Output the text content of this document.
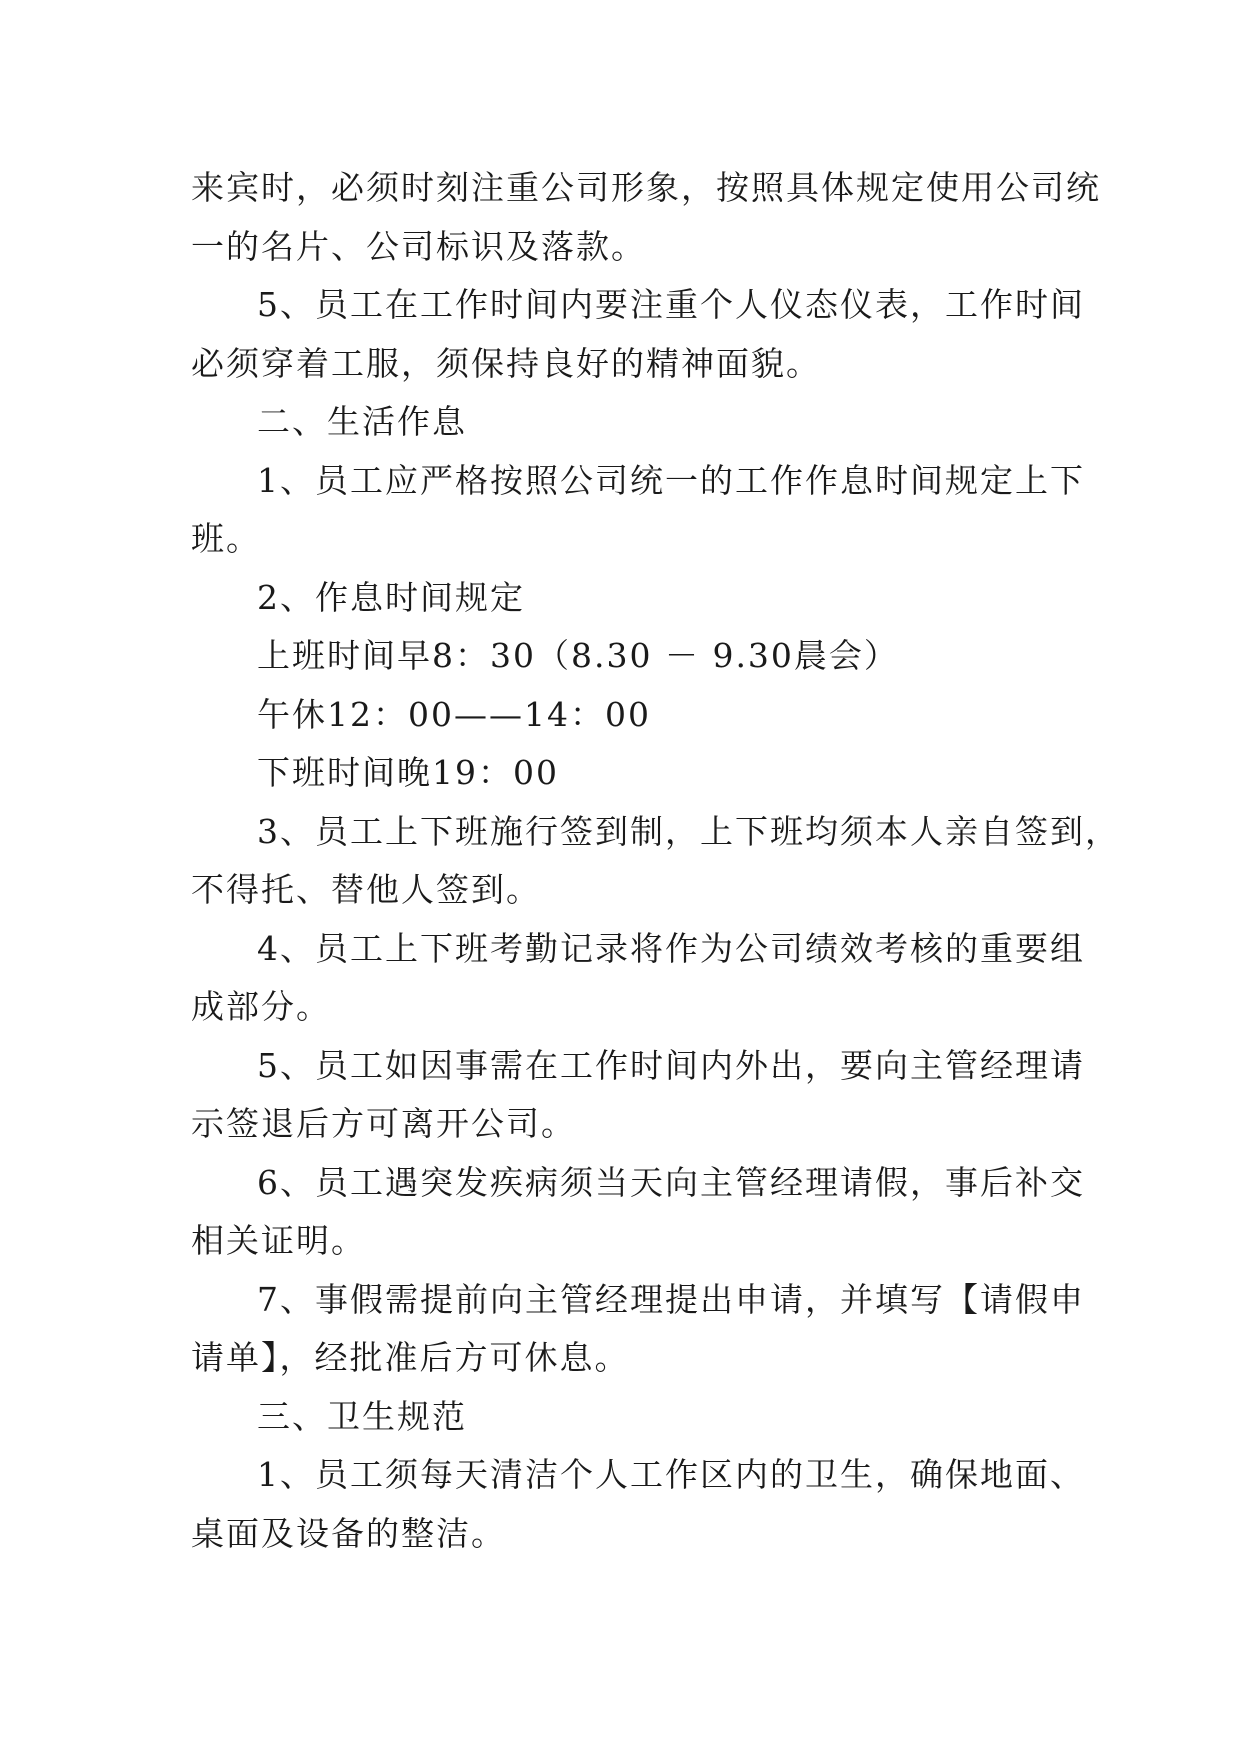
来宾时，必须时刻注重公司形象，按照具体规定使用公司统

一的名片、公司标识及落款。

5、员工在工作时间内要注重个人仪态仪表，工作时间

必须穿着工服，须保持良好的精神面貌。

二、生活作息

1、员工应严格按照公司统一的工作作息时间规定上下

班。

2、作息时间规定

上班时间早8：30（8.30 － 9.30晨会）

午休12：00——14：00

下班时间晚19：00

3、员工上下班施行签到制，上下班均须本人亲自签到，

不得托、替他人签到。

4、员工上下班考勤记录将作为公司绩效考核的重要组

成部分。

5、员工如因事需在工作时间内外出，要向主管经理请

示签退后方可离开公司。

6、员工遇突发疾病须当天向主管经理请假，事后补交

相关证明。

7、事假需提前向主管经理提出申请，并填写【请假申

请单】，经批准后方可休息。

三、卫生规范

1、员工须每天清洁个人工作区内的卫生，确保地面、

桌面及设备的整洁。
